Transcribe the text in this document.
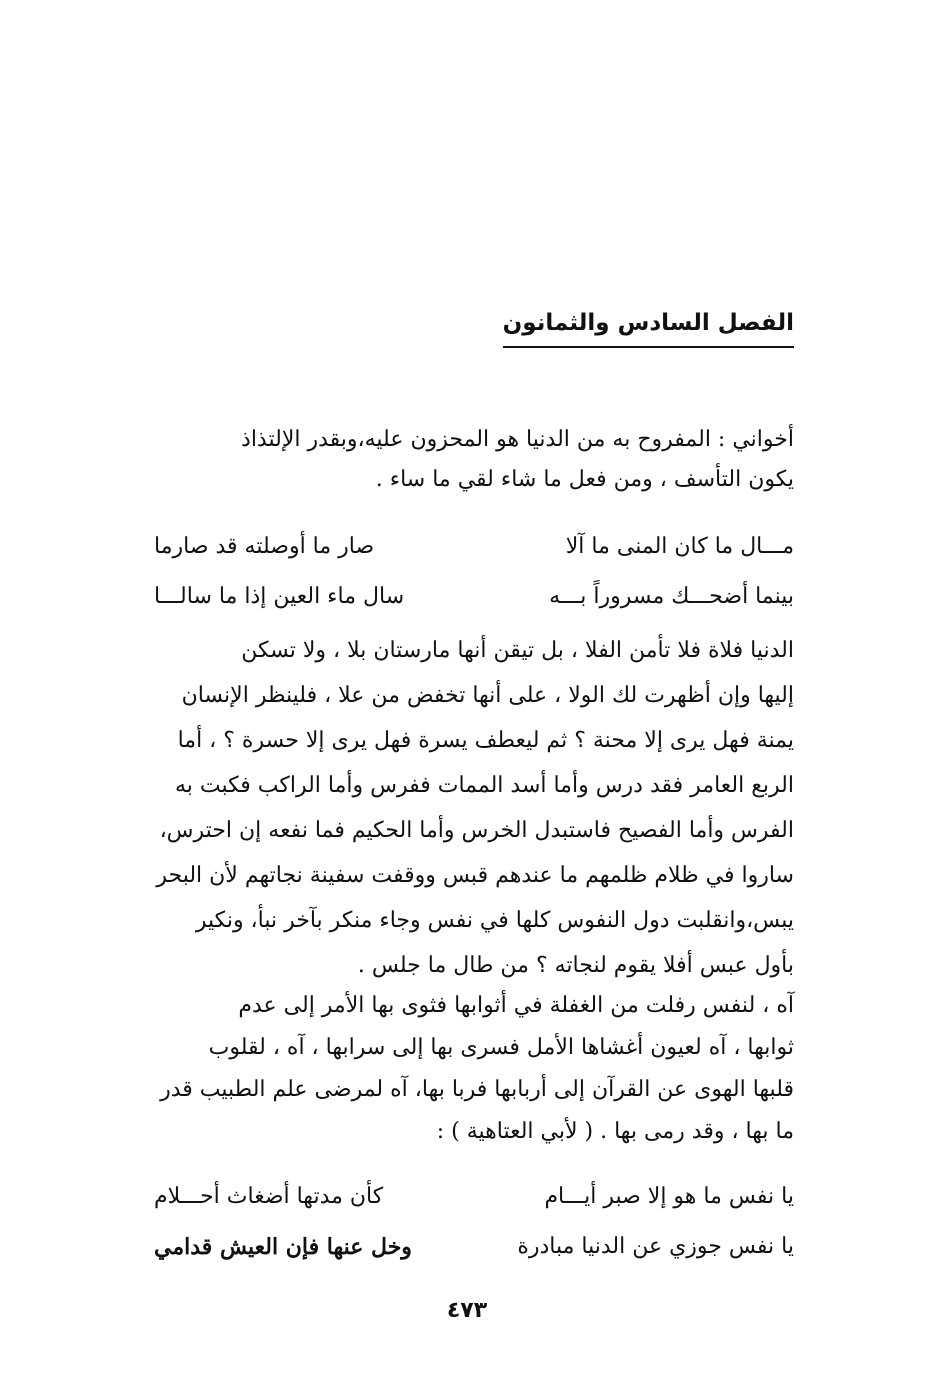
الفصل السادس والثمانون

أخواني : المفروح به من الدنيا هو المحزون عليه،وبقدر الإلتذاذ

يكون التأسف ، ومن فعل ما شاء لقي ما ساء .

مـــال ما كان المنى ما آلا
صار ما أوصلته قد صارما
بينما أضحـــك مسروراً بـــه
سال ماء العين إذا ما سالـــا

الدنيا فلاة فلا تأمن الفلا ، بل تيقن أنها مارستان بلا ، ولا تسكن

إليها وإن أظهرت لك الولا ، على أنها تخفض من علا ، فلينظر الإنسان

يمنة فهل يرى إلا محنة ؟ ثم ليعطف يسرة فهل يرى إلا حسرة ؟ ، أما

الربع العامر فقد درس وأما أسد الممات ففرس وأما الراكب فكبت به

الفرس وأما الفصيح فاستبدل الخرس وأما الحكيم فما نفعه إن احترس،

ساروا في ظلام ظلمهم ما عندهم قبس ووقفت سفينة نجاتهم لأن البحر

يبس،وانقلبت دول النفوس كلها في نفس وجاء منكر بآخر نبأ، ونكير

بأول عبس أفلا يقوم لنجاته ؟ من طال ما جلس .

آه ، لنفس رفلت من الغفلة في أثوابها فثوى بها الأمر إلى عدم

ثوابها ، آه لعيون أغشاها الأمل فسرى بها إلى سرابها ، آه ، لقلوب

قلبها الهوى عن القرآن إلى أربابها فربا بها، آه لمرضى علم الطبيب قدر

ما بها ، وقد رمى بها . ( لأبي العتاهية ) :

يا نفس ما هو إلا صبر أيـــام
كأن مدتها أضغاث أحـــلام
يا نفس جوزي عن الدنيا مبادرة
وخل عنها فإن العيش قدامي
٤٧٣
